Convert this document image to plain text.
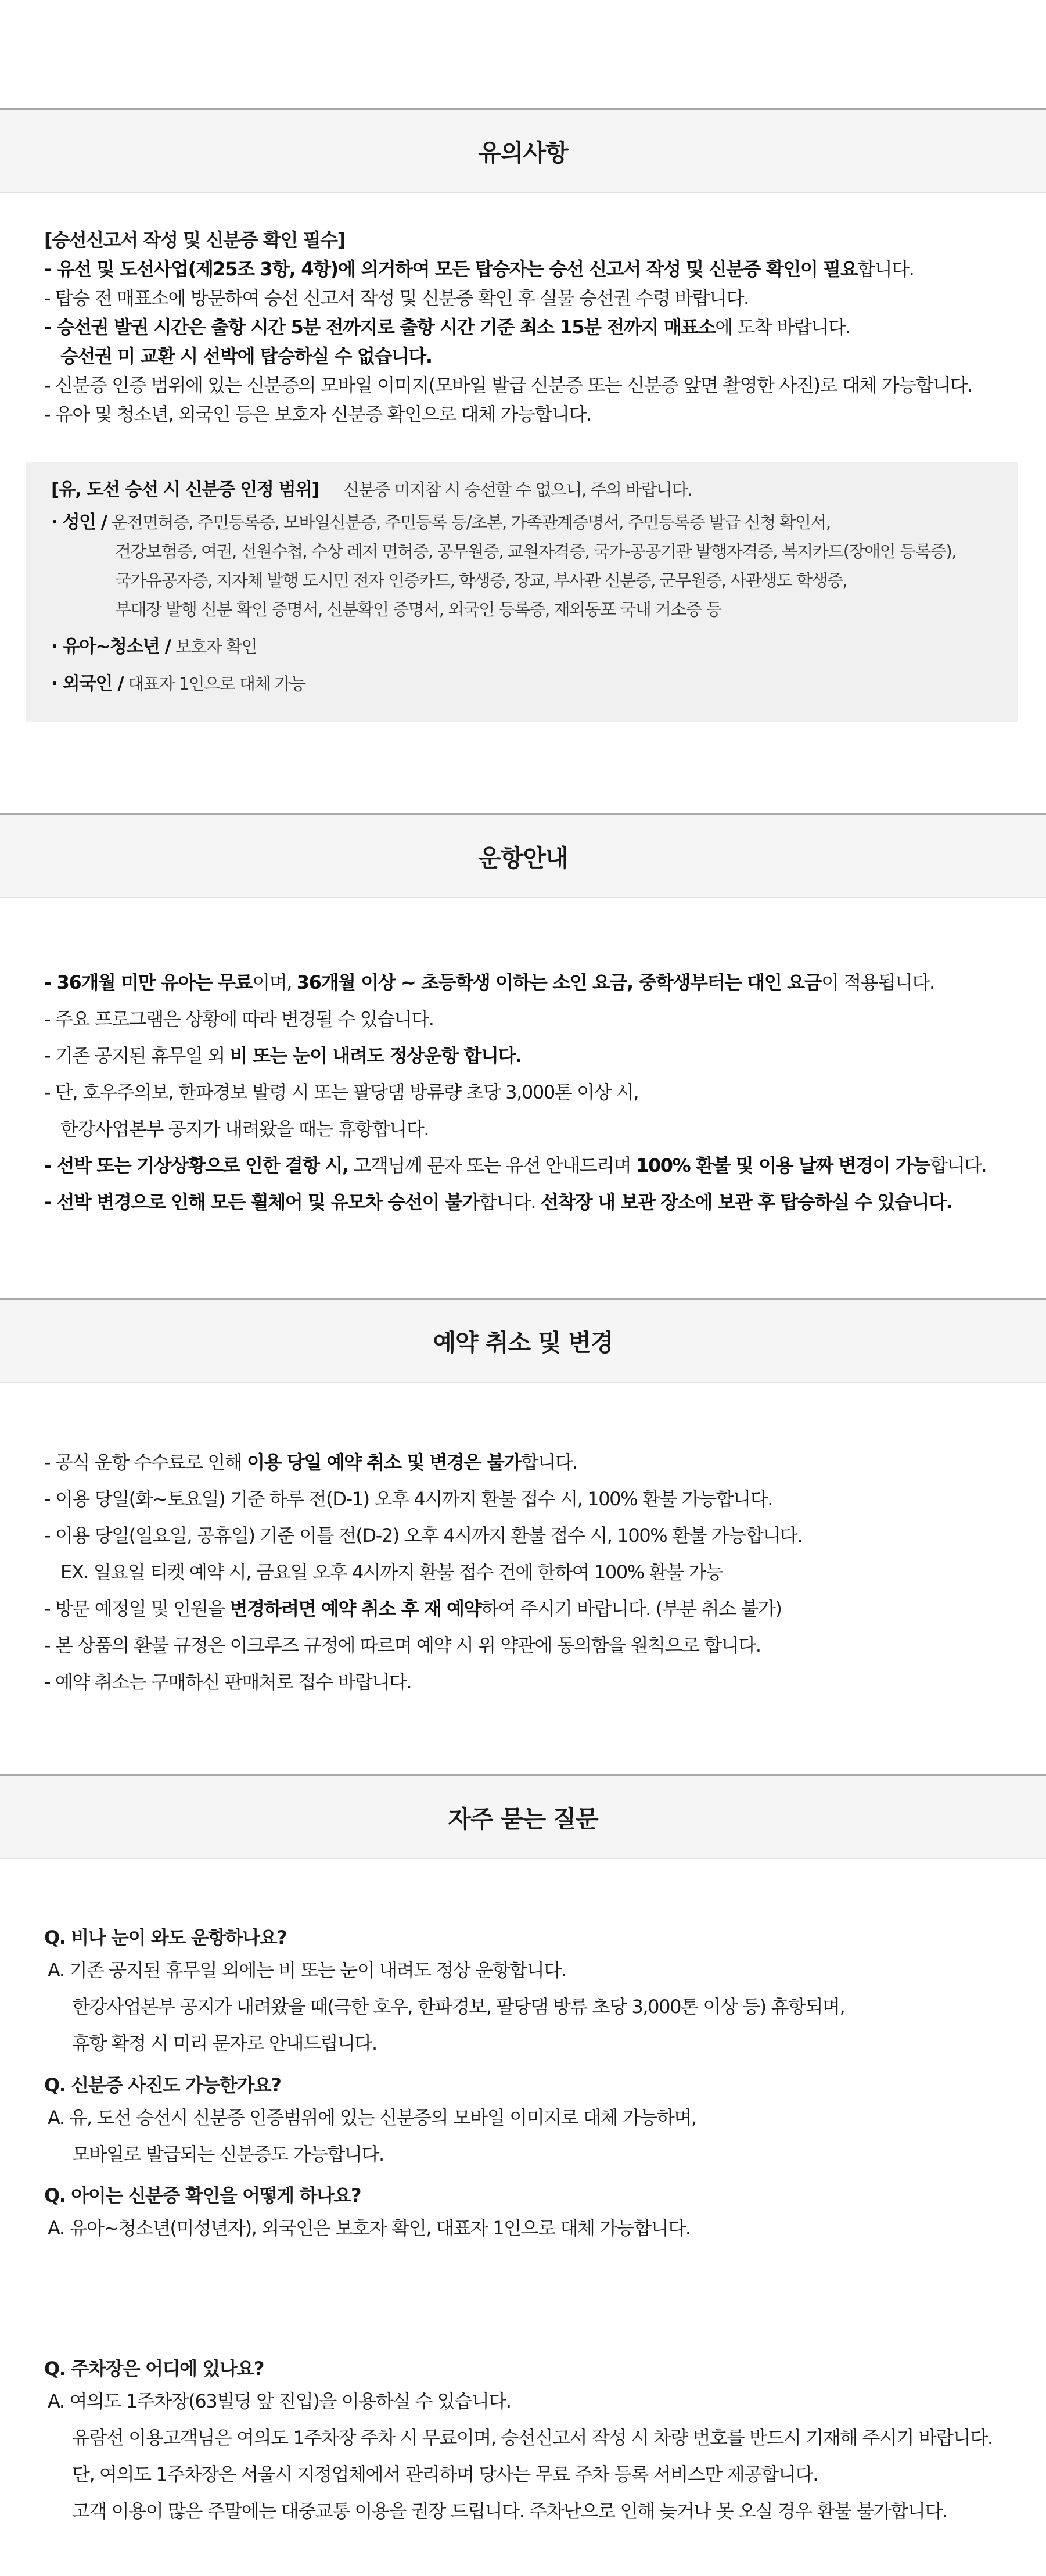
유의사항
[승선신고서 작성 및 신분증 확인 필수]
- 유선 및 도선사업(제25조 3항, 4항)에 의거하여 모든 탑승자는 승선 신고서 작성 및 신분증 확인이 필요합니다.
- 탑승 전 매표소에 방문하여 승선 신고서 작성 및 신분증 확인 후 실물 승선권 수령 바랍니다.
- 승선권 발권 시간은 출항 시간 5분 전까지로 출항 시간 기준 최소 15분 전까지 매표소에 도착 바랍니다.
승선권 미 교환 시 선박에 탑승하실 수 없습니다.
- 신분증 인증 범위에 있는 신분증의 모바일 이미지(모바일 발급 신분증 또는 신분증 앞면 촬영한 사진)로 대체 가능합니다.
- 유아 및 청소년, 외국인 등은 보호자 신분증 확인으로 대체 가능합니다.
[유, 도선 승선 시 신분증 인정 범위] 신분증 미지참 시 승선할 수 없으니, 주의 바랍니다.
· 성인 / 운전면허증, 주민등록증, 모바일신분증, 주민등록 등/초본, 가족관계증명서, 주민등록증 발급 신청 확인서,
건강보험증, 여권, 선원수첩, 수상 레저 면허증, 공무원증, 교원자격증, 국가-공공기관 발행자격증, 복지카드(장애인 등록증),
국가유공자증, 지자체 발행 도시민 전자 인증카드, 학생증, 장교, 부사관 신분증, 군무원증, 사관생도 학생증,
부대장 발행 신분 확인 증명서, 신분확인 증명서, 외국인 등록증, 재외동포 국내 거소증 등
· 유아~청소년 / 보호자 확인
· 외국인 / 대표자 1인으로 대체 가능
운항안내
- 36개월 미만 유아는 무료이며, 36개월 이상 ~ 초등학생 이하는 소인 요금, 중학생부터는 대인 요금이 적용됩니다.
- 주요 프로그램은 상황에 따라 변경될 수 있습니다.
- 기존 공지된 휴무일 외 비 또는 눈이 내려도 정상운항 합니다.
- 단, 호우주의보, 한파경보 발령 시 또는 팔당댐 방류량 초당 3,000톤 이상 시,
한강사업본부 공지가 내려왔을 때는 휴항합니다.
- 선박 또는 기상상황으로 인한 결항 시, 고객님께 문자 또는 유선 안내드리며 100% 환불 및 이용 날짜 변경이 가능합니다.
- 선박 변경으로 인해 모든 휠체어 및 유모차 승선이 불가합니다. 선착장 내 보관 장소에 보관 후 탑승하실 수 있습니다.
예약 취소 및 변경
- 공식 운항 수수료로 인해 이용 당일 예약 취소 및 변경은 불가합니다.
- 이용 당일(화~토요일) 기준 하루 전(D-1) 오후 4시까지 환불 접수 시, 100% 환불 가능합니다.
- 이용 당일(일요일, 공휴일) 기준 이틀 전(D-2) 오후 4시까지 환불 접수 시, 100% 환불 가능합니다.
EX. 일요일 티켓 예약 시, 금요일 오후 4시까지 환불 접수 건에 한하여 100% 환불 가능
- 방문 예정일 및 인원을 변경하려면 예약 취소 후 재 예약하여 주시기 바랍니다. (부분 취소 불가)
- 본 상품의 환불 규정은 이크루즈 규정에 따르며 예약 시 위 약관에 동의함을 원칙으로 합니다.
- 예약 취소는 구매하신 판매처로 접수 바랍니다.
자주 묻는 질문
Q. 비나 눈이 와도 운항하나요?
A. 기존 공지된 휴무일 외에는 비 또는 눈이 내려도 정상 운항합니다.
한강사업본부 공지가 내려왔을 때(극한 호우, 한파경보, 팔당댐 방류 초당 3,000톤 이상 등) 휴항되며,
휴항 확정 시 미리 문자로 안내드립니다.
Q. 신분증 사진도 가능한가요?
A. 유, 도선 승선시 신분증 인증범위에 있는 신분증의 모바일 이미지로 대체 가능하며,
모바일로 발급되는 신분증도 가능합니다.
Q. 아이는 신분증 확인을 어떻게 하나요?
A. 유아~청소년(미성년자), 외국인은 보호자 확인, 대표자 1인으로 대체 가능합니다.
Q. 주차장은 어디에 있나요?
A. 여의도 1주차장(63빌딩 앞 진입)을 이용하실 수 있습니다.
유람선 이용고객님은 여의도 1주차장 주차 시 무료이며, 승선신고서 작성 시 차량 번호를 반드시 기재해 주시기 바랍니다.
단, 여의도 1주차장은 서울시 지정업체에서 관리하며 당사는 무료 주차 등록 서비스만 제공합니다.
고객 이용이 많은 주말에는 대중교통 이용을 권장 드립니다. 주차난으로 인해 늦거나 못 오실 경우 환불 불가합니다.
